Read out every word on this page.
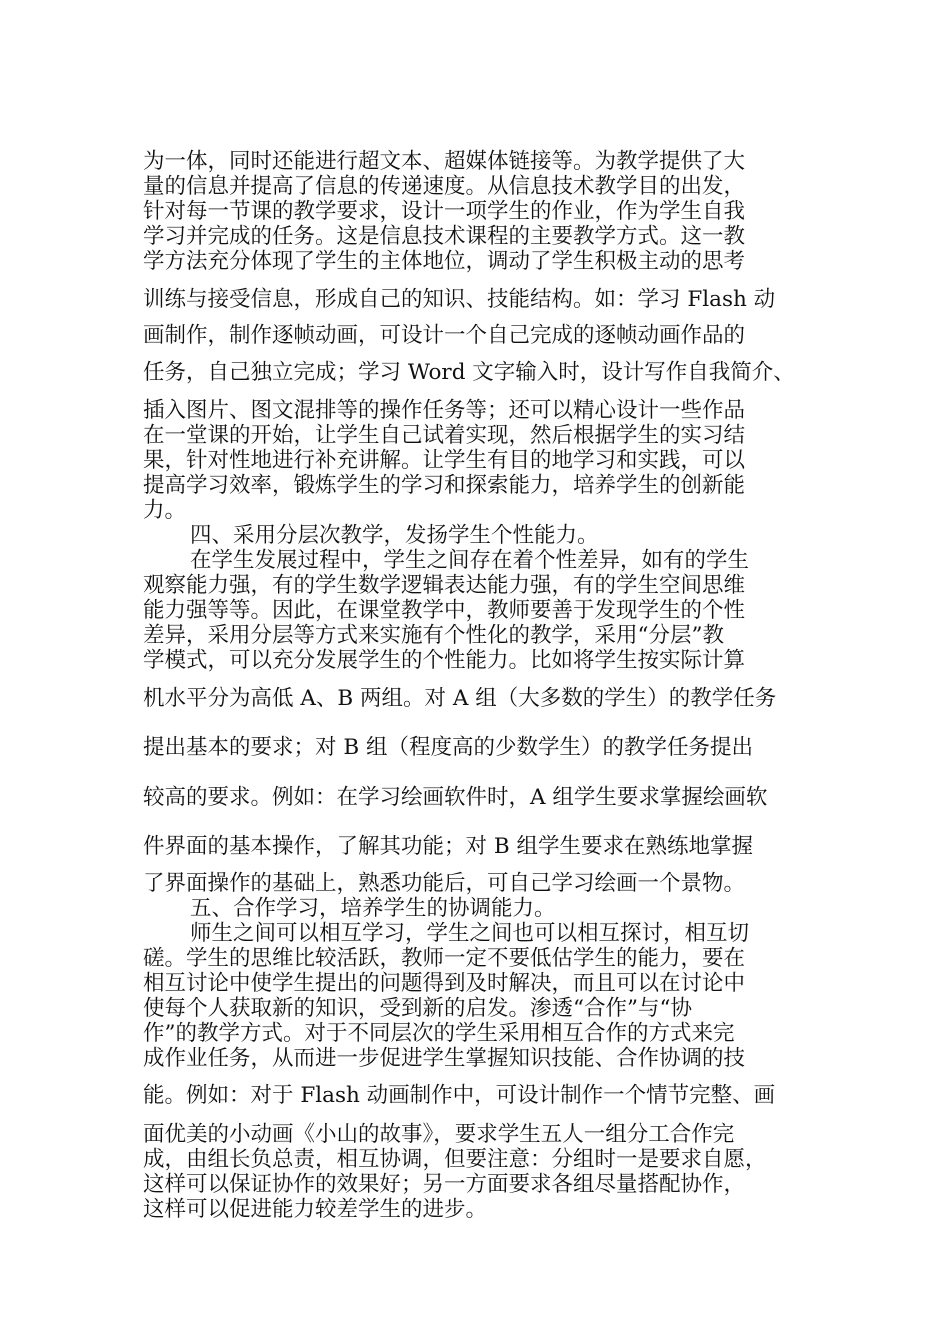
为一体，同时还能进行超文本、超媒体链接等。为教学提供了大
量的信息并提高了信息的传递速度。从信息技术教学目的出发，
针对每一节课的教学要求，设计一项学生的作业，作为学生自我
学习并完成的任务。这是信息技术课程的主要教学方式。这一教
学方法充分体现了学生的主体地位，调动了学生积极主动的思考
训练与接受信息，形成自己的知识、技能结构。如：学习 Flash 动
画制作，制作逐帧动画，可设计一个自己完成的逐帧动画作品的
任务，自己独立完成；学习 Word 文字输入时，设计写作自我简介、
插入图片、图文混排等的操作任务等；还可以精心设计一些作品
在一堂课的开始，让学生自己试着实现，然后根据学生的实习结
果，针对性地进行补充讲解。让学生有目的地学习和实践，可以
提高学习效率，锻炼学生的学习和探索能力，培养学生的创新能
力。
四、采用分层次教学，发扬学生个性能力。
在学生发展过程中，学生之间存在着个性差异，如有的学生
观察能力强，有的学生数学逻辑表达能力强，有的学生空间思维
能力强等等。因此，在课堂教学中，教师要善于发现学生的个性
差异，采用分层等方式来实施有个性化的教学，采用“分层”教
学模式，可以充分发展学生的个性能力。比如将学生按实际计算
机水平分为高低 A、B 两组。对 A 组（大多数的学生）的教学任务
提出基本的要求；对 B 组（程度高的少数学生）的教学任务提出
较高的要求。例如：在学习绘画软件时，A 组学生要求掌握绘画软
件界面的基本操作，了解其功能；对 B 组学生要求在熟练地掌握
了界面操作的基础上，熟悉功能后，可自己学习绘画一个景物。
五、合作学习，培养学生的协调能力。
师生之间可以相互学习，学生之间也可以相互探讨，相互切
磋。学生的思维比较活跃，教师一定不要低估学生的能力，要在
相互讨论中使学生提出的问题得到及时解决，而且可以在讨论中
使每个人获取新的知识，受到新的启发。渗透“合作”与“协
作”的教学方式。对于不同层次的学生采用相互合作的方式来完
成作业任务，从而进一步促进学生掌握知识技能、合作协调的技
能。例如：对于 Flash 动画制作中，可设计制作一个情节完整、画
面优美的小动画《小山的故事》，要求学生五人一组分工合作完
成，由组长负总责，相互协调，但要注意：分组时一是要求自愿，
这样可以保证协作的效果好；另一方面要求各组尽量搭配协作，
这样可以促进能力较差学生的进步。
